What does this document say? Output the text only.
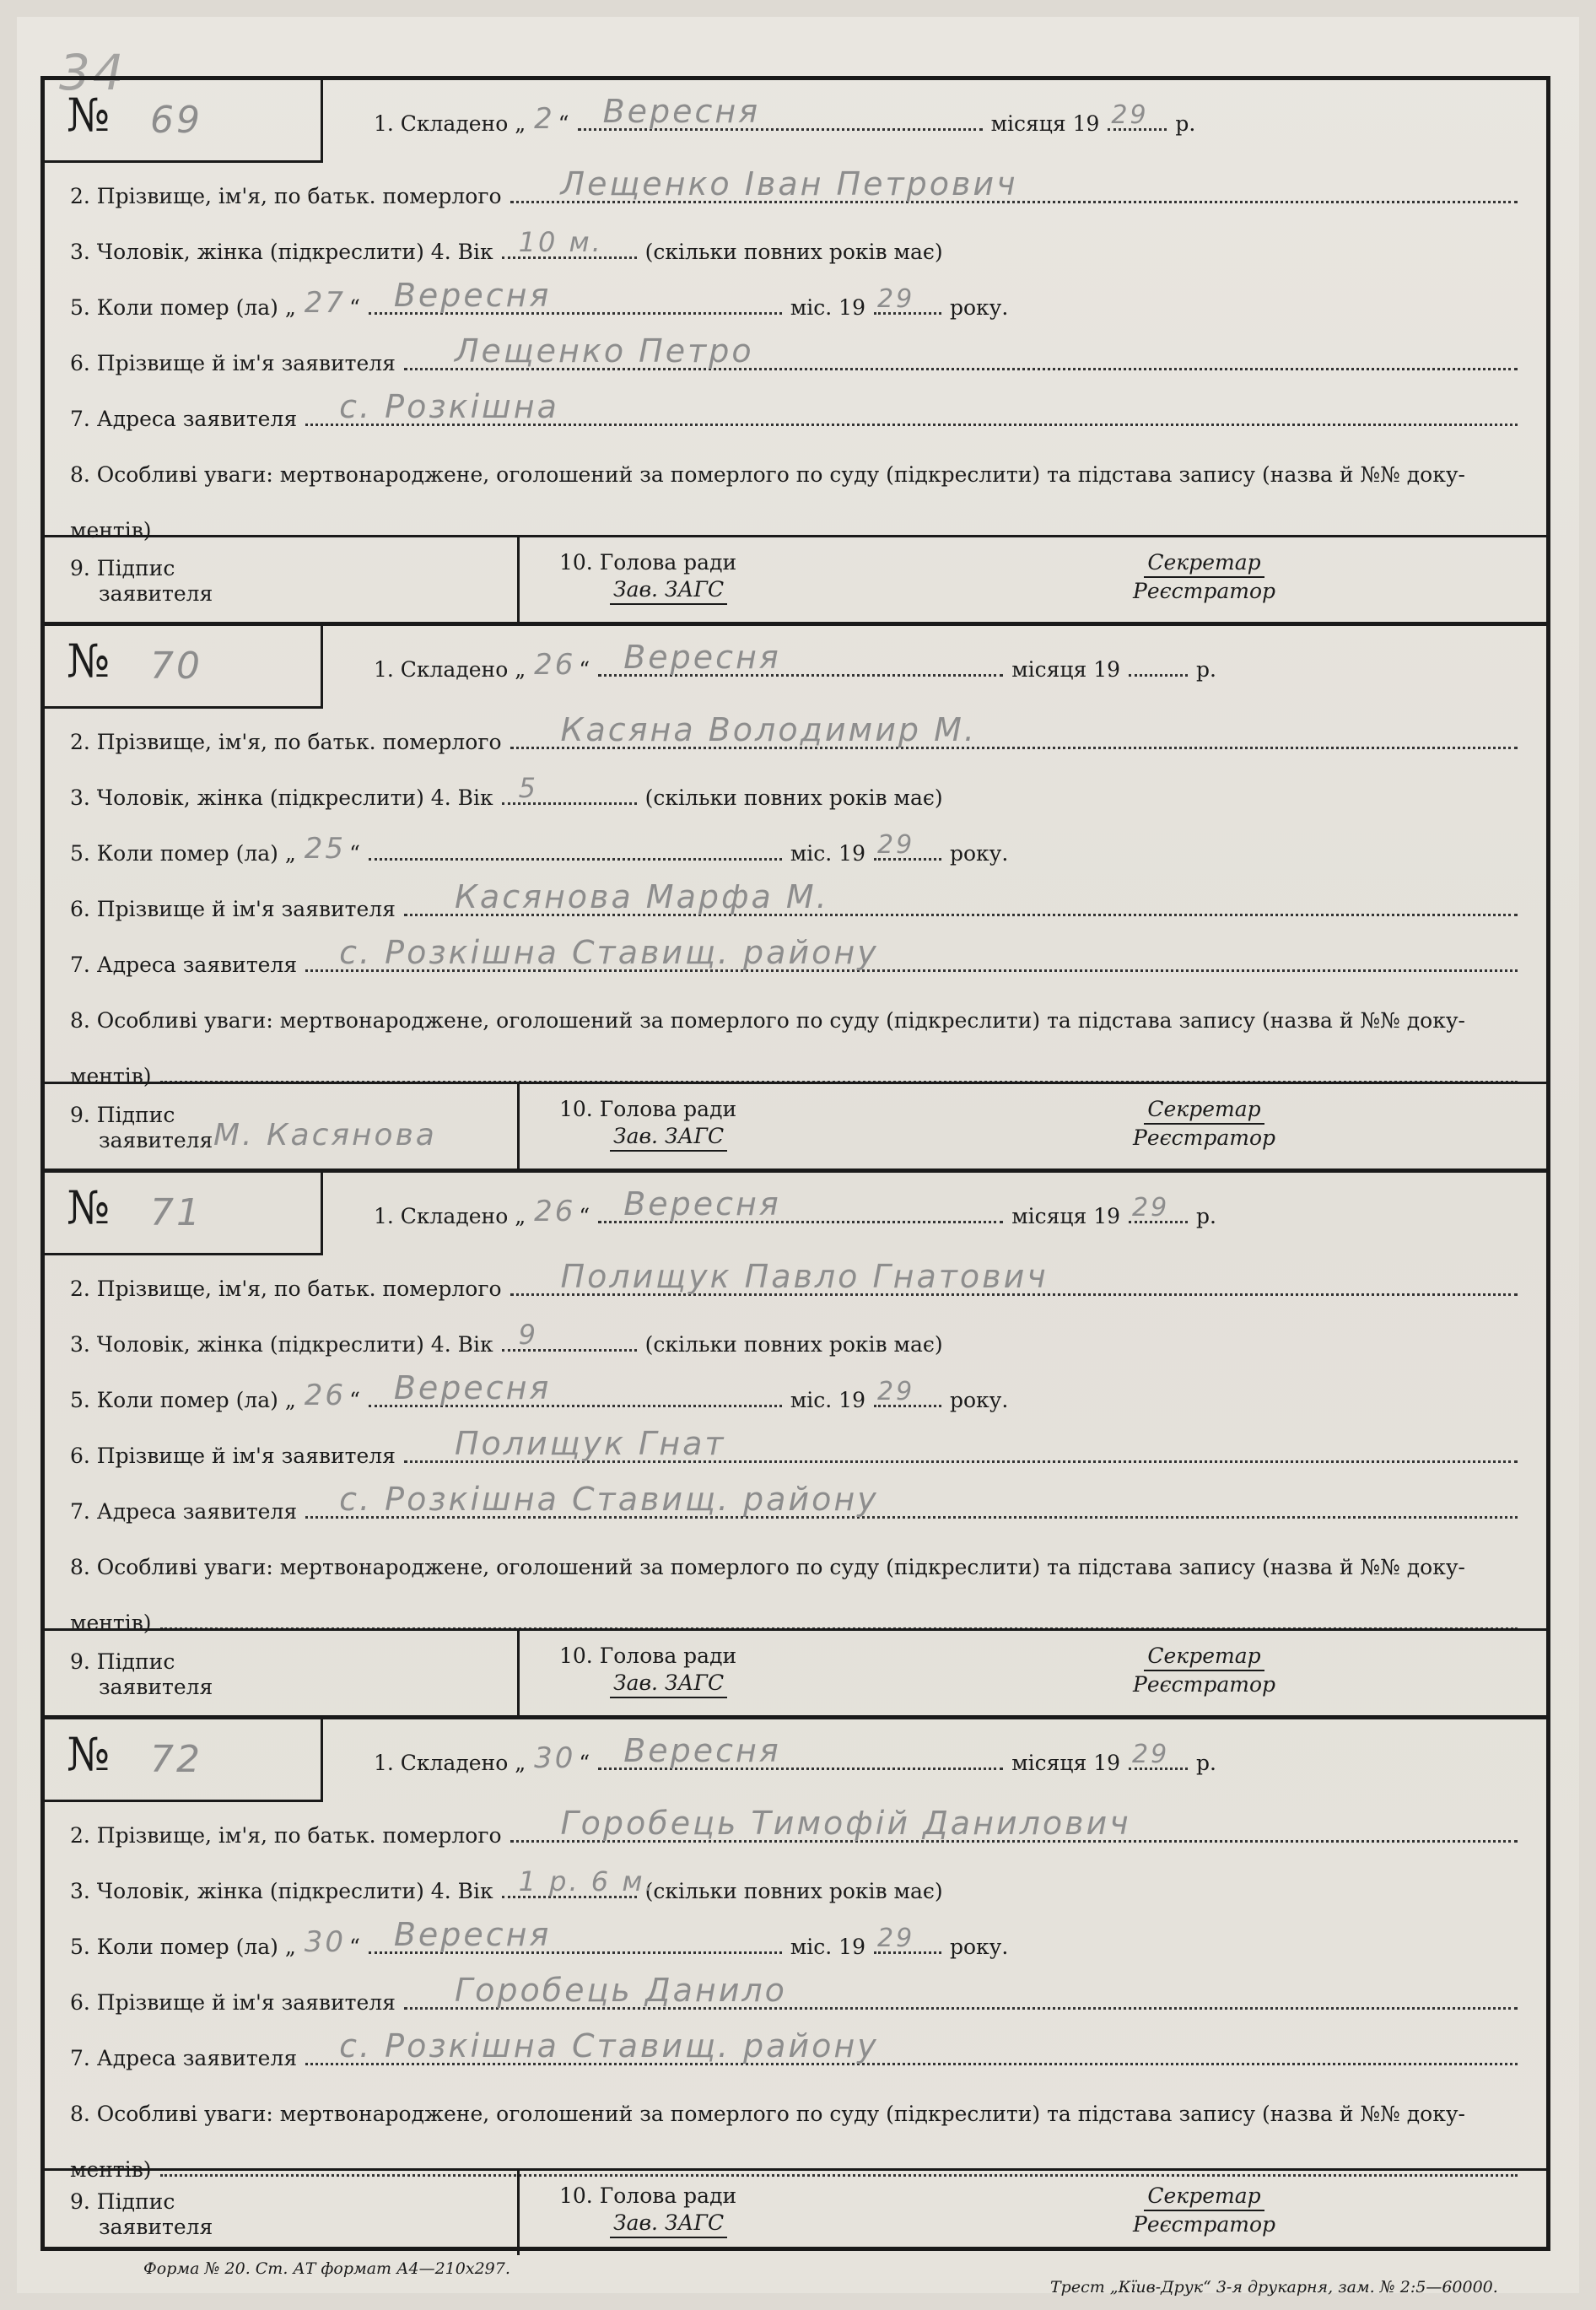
34
№ 69	1. Складено „ 2 “ Вересня	місяця 19 29 р.
2. Прізвище, ім'я, по батьк. померлого Лещенко Іван Петрович
3. Чоловік, жінка (підкреслити) 4. Вік 10 м. (скільки повних років має)
5. Коли помер (ла) „ 27 “ Вересня	міс. 19 29 року.
6. Прізвище й ім'я заявителя Лещенко Петро
7. Адреса заявителя с. Розкішна
8. Особливі уваги: мертвонароджене, оголошений за померлого по суду (підкреслити) та підстава запису (назва й №№ доку-
ментів)
9. Підпис
заявителя
10. Голова ради
Зав. ЗАГС
Секретар
Реєстратор
№ 70	1. Складено „ 26 “ Вересня	місяця 19	р.
2. Прізвище, ім'я, по батьк. померлого Касяна Володимир М.
3. Чоловік, жінка (підкреслити) 4. Вік 5	(скільки повних років має)
5. Коли помер (ла) „ 25 “	міс. 19 29 року.
6. Прізвище й ім'я заявителя Касянова Марфа М.
7. Адреса заявителя с. Розкішна Ставищ. району
8. Особливі уваги: мертвонароджене, оголошений за померлого по суду (підкреслити) та підстава запису (назва й №№ доку-
ментів)
9. Підпис
заявителя М. Касянова
10. Голова ради
Зав. ЗАГС
Секретар
Реєстратор
№ 71	1. Складено „ 26 “ Вересня	місяця 19 29 р.
2. Прізвище, ім'я, по батьк. померлого Полищук Павло Гнатович
3. Чоловік, жінка (підкреслити) 4. Вік 9	(скільки повних років має)
5. Коли помер (ла) „ 26 “ Вересня	міс. 19 29 року.
6. Прізвище й ім'я заявителя Полищук Гнат
7. Адреса заявителя с. Розкішна Ставищ. району
8. Особливі уваги: мертвонароджене, оголошений за померлого по суду (підкреслити) та підстава запису (назва й №№ доку-
ментів)
9. Підпис
заявителя
10. Голова ради
Зав. ЗАГС
Секретар
Реєстратор
№ 72	1. Складено „ 30 “ Вересня	місяця 19 29 р.
2. Прізвище, ім'я, по батьк. померлого Горобець Тимофій Данилович
3. Чоловік, жінка (підкреслити) 4. Вік 1 р. 6 м.
(скільки повних років має)
5. Коли помер (ла) „ 30 “ Вересня	міс. 19 29 року.
6. Прізвище й ім'я заявителя Горобець Данило
7. Адреса заявителя с. Розкішна Ставищ. району
8. Особливі уваги: мертвонароджене, оголошений за померлого по суду (підкреслити) та підстава запису (назва й №№ доку-
ментів)
9. Підпис
заявителя
10. Голова ради
Зав. ЗАГС
Секретар
Реєстратор
Форма № 20. Ст. АТ формат А4—210х297.
Трест „Кїив-Друк“ 3-я друкарня, зам. № 2:5—60000.
